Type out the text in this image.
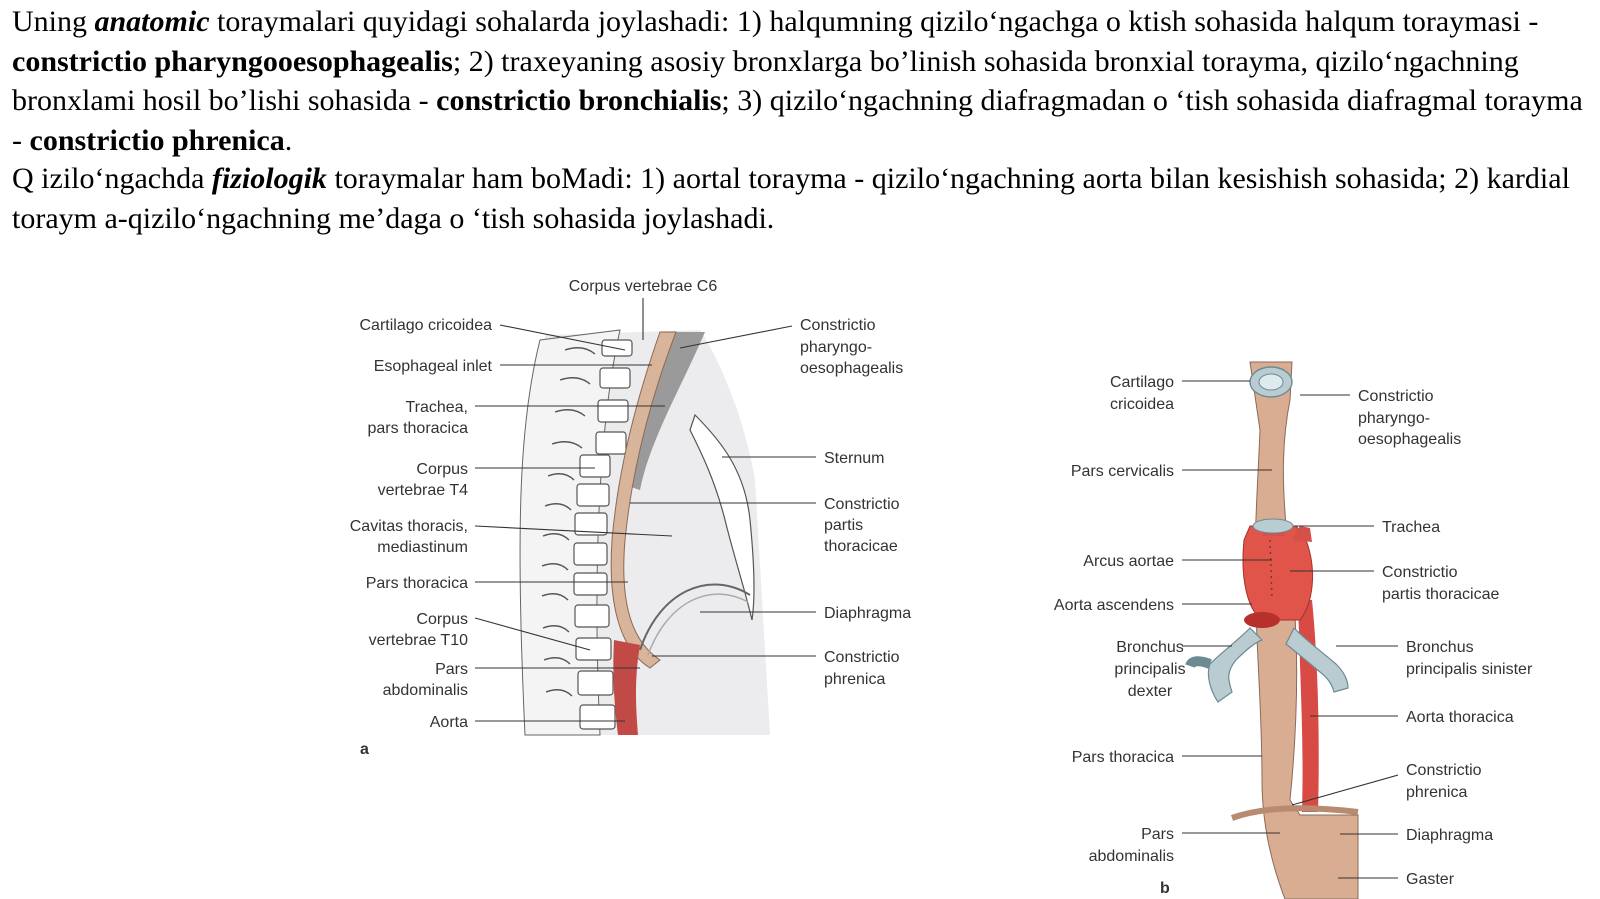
Uning anatomic toraymalari quyidagi sohalarda joylashadi: 1) halqumning qizilo‘ngachga o ktish sohasida halqum torayma​si - constrictio pharyngooesophagealis; 2) traxeyaning asosiy bronxlarga bo’linish sohasida bronxial torayma, qizilo‘ngachning bronxlami hosil bo’lishi sohasida - constrictio bronchialis; 3) qizilo‘ngachning diafragmadan o ‘tish sohasida diafragmal torayma - constrictio phrenica.
Q izilo‘ngachda fiziologik toraymalar ham boMadi: 1) aortal torayma - qizilo‘ngachning aorta bilan kesishish sohasida; 2) kardial toraym a-qizilo‘ngachning me’daga o ‘tish sohasida joylashadi.
Corpus vertebrae C6
Cartilago cricoidea
Esophageal inlet
Trachea,
pars thoracica
Corpus
vertebrae T4
Cavitas thoracis,
mediastinum
Pars thoracica
Corpus
vertebrae T10
Pars
abdominalis
Aorta
a
Constrictio
pharyngo-
oesophagealis
Sternum
Constrictio
partis
thoracicae
Diaphragma
Constrictio
phrenica
Cartilago
cricoidea
Pars cervicalis
Arcus aortae
Aorta ascendens
Bronchus
principalis
dexter
Pars thoracica
Pars
abdominalis
b
Constrictio
pharyngo-
oesophagealis
Trachea
Constrictio
partis thoracicae
Bronchus
principalis sinister
Aorta thoracica
Constrictio
phrenica
Diaphragma
Gaster
